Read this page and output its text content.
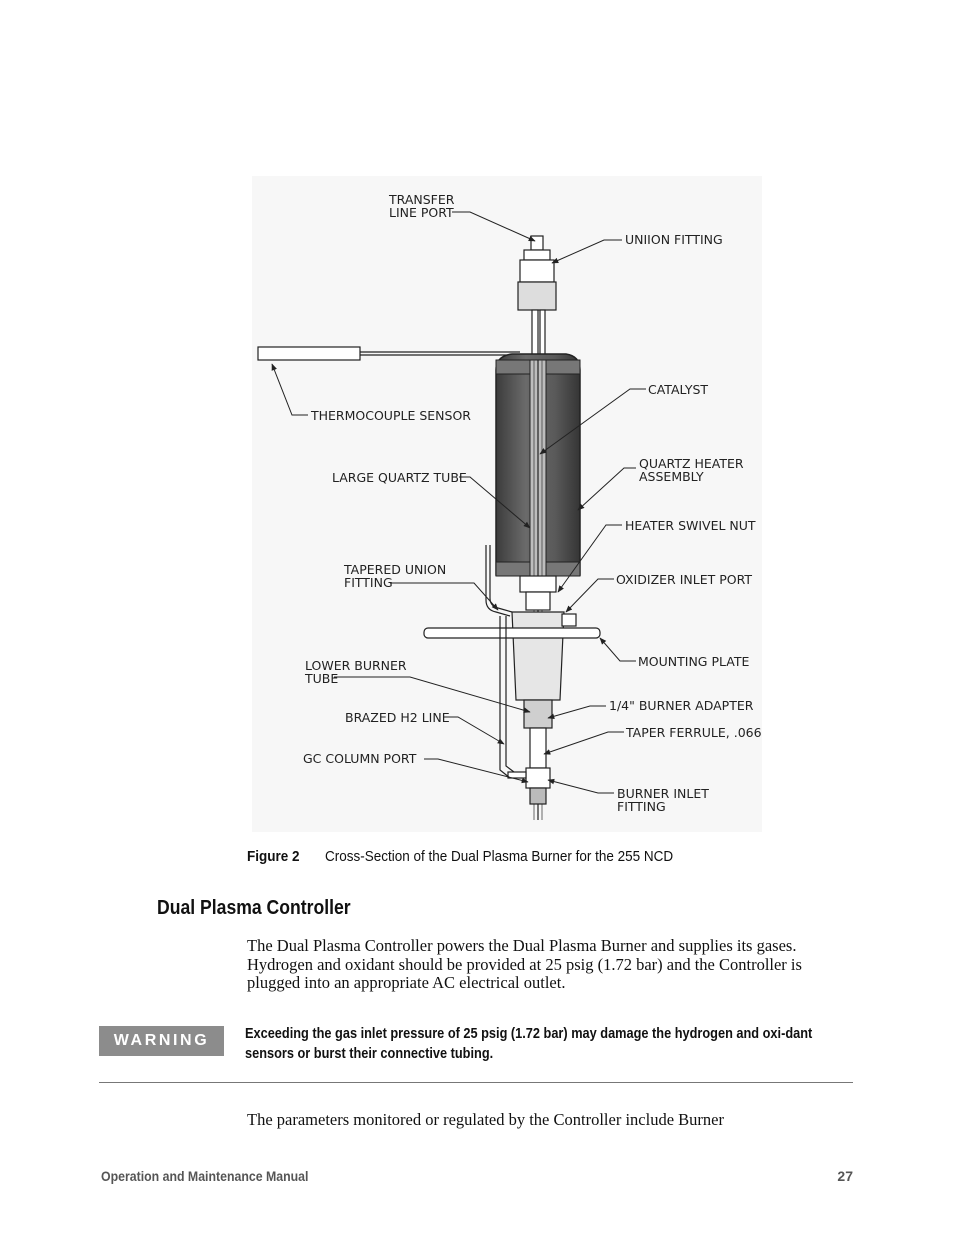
TRANSFER
LINE PORT
UNIION FITTING
THERMOCOUPLE SENSOR
CATALYST
LARGE QUARTZ TUBE
QUARTZ HEATER
ASSEMBLY
HEATER SWIVEL NUT
TAPERED UNION
FITTING	OXIDIZER INLET PORT
MOUNTING PLATE
LOWER BURNER
TUBE
1/4" BURNER ADAPTER
BRAZED H2 LINE
TAPER FERRULE, .066
GC COLUMN PORT
BURNER INLET
FITTING
Figure 2 Cross-Section of the Dual Plasma Burner for the 255 NCD
Dual Plasma Controller
The Dual Plasma Controller powers the Dual Plasma Burner and supplies its gases. Hydrogen and oxidant should be provided at 25 psig (1.72 bar) and the Controller is plugged into an appropriate AC electrical outlet.
WARNING	Exceeding the gas inlet pressure of 25 psig (1.72 bar) may damage the hydrogen and oxi-dant sensors or burst their connective tubing.
The parameters monitored or regulated by the Controller include Burner
Operation and Maintenance Manual	27
